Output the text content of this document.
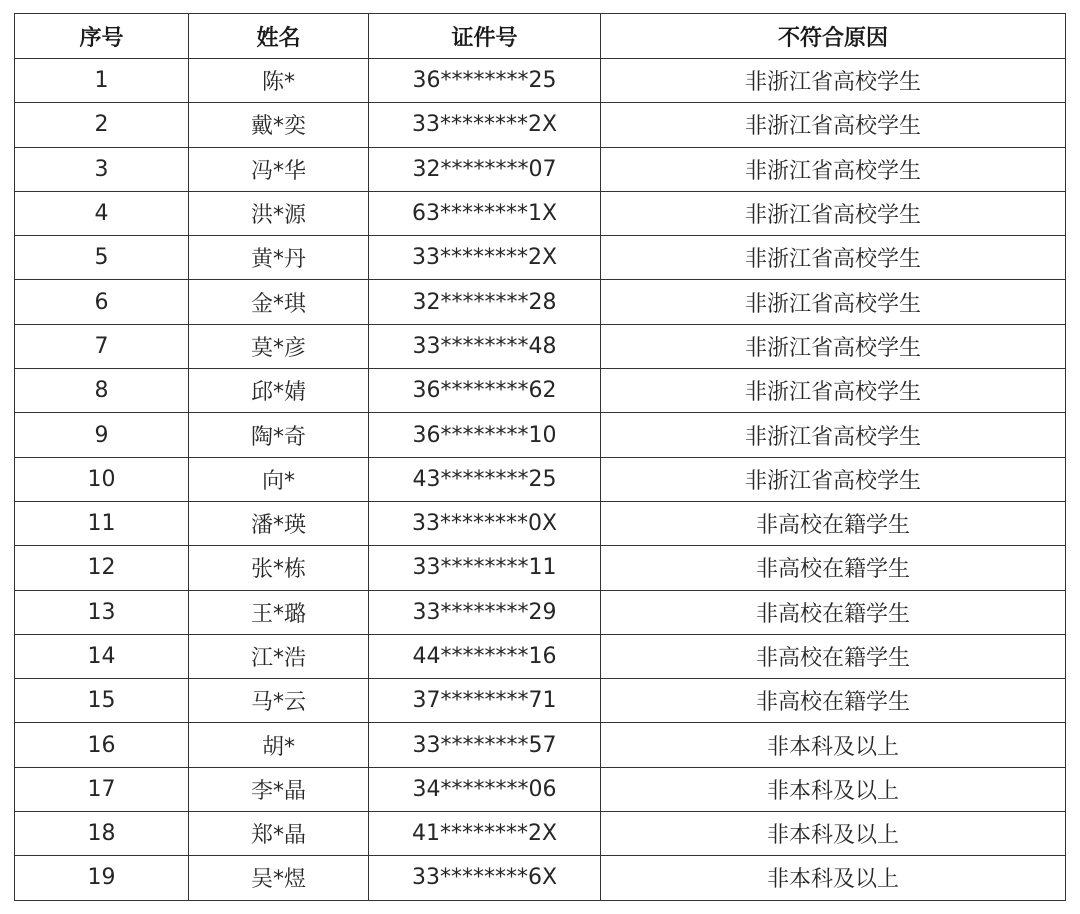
序号	姓名	证件号	不符合原因
1	陈*	36********25	非浙江省高校学生
2	戴*奕	33********2X	非浙江省高校学生
3	冯*华	32********07	非浙江省高校学生
4	洪*源	63********1X	非浙江省高校学生
5	黄*丹	33********2X	非浙江省高校学生
6	金*琪	32********28	非浙江省高校学生
7	莫*彦	33********48	非浙江省高校学生
8	邱*婧	36********62	非浙江省高校学生
9	陶*奇	36********10	非浙江省高校学生
10	向*	43********25	非浙江省高校学生
11	潘*瑛	33********0X	非高校在籍学生
12	张*栋	33********11	非高校在籍学生
13	王*璐	33********29	非高校在籍学生
14	江*浩	44********16	非高校在籍学生
15	马*云	37********71	非高校在籍学生
16	胡*	33********57	非本科及以上
17	李*晶	34********06	非本科及以上
18	郑*晶	41********2X	非本科及以上
19	吴*煜	33********6X	非本科及以上
